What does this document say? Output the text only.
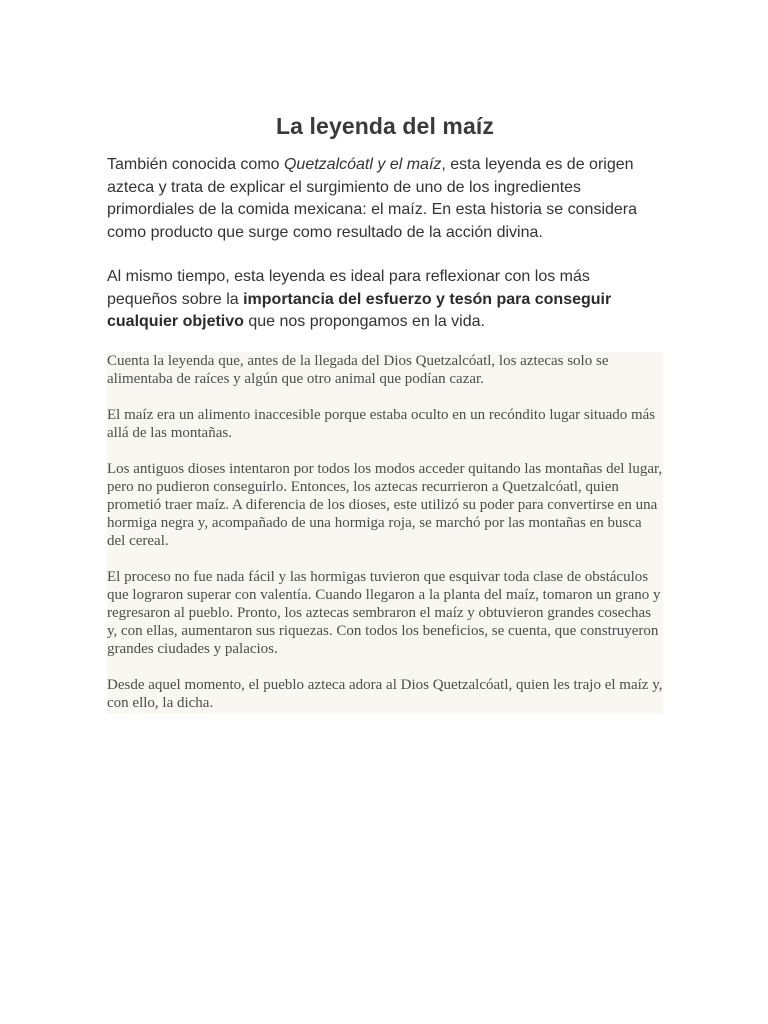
La leyenda del maíz

También conocida como Quetzalcóatl y el maíz, esta leyenda es de origen azteca y trata de explicar el surgimiento de uno de los ingredientes primordiales de la comida mexicana: el maíz. En esta historia se considera como producto que surge como resultado de la acción divina.

Al mismo tiempo, esta leyenda es ideal para reflexionar con los más pequeños sobre la importancia del esfuerzo y tesón para conseguir cualquier objetivo que nos propongamos en la vida.

Cuenta la leyenda que, antes de la llegada del Dios Quetzalcóatl, los aztecas solo se alimentaba de raíces y algún que otro animal que podían cazar.

El maíz era un alimento inaccesible porque estaba oculto en un recóndito lugar situado más allá de las montañas.

Los antiguos dioses intentaron por todos los modos acceder quitando las montañas del lugar, pero no pudieron conseguirlo. Entonces, los aztecas recurrieron a Quetzalcóatl, quien prometió traer maíz. A diferencia de los dioses, este utilizó su poder para convertirse en una hormiga negra y, acompañado de una hormiga roja, se marchó por las montañas en busca del cereal.

El proceso no fue nada fácil y las hormigas tuvieron que esquivar toda clase de obstáculos que lograron superar con valentía. Cuando llegaron a la planta del maíz, tomaron un grano y regresaron al pueblo. Pronto, los aztecas sembraron el maíz y obtuvieron grandes cosechas y, con ellas, aumentaron sus riquezas. Con todos los beneficios, se cuenta, que construyeron grandes ciudades y palacios.

Desde aquel momento, el pueblo azteca adora al Dios Quetzalcóatl, quien les trajo el maíz y, con ello, la dicha.
